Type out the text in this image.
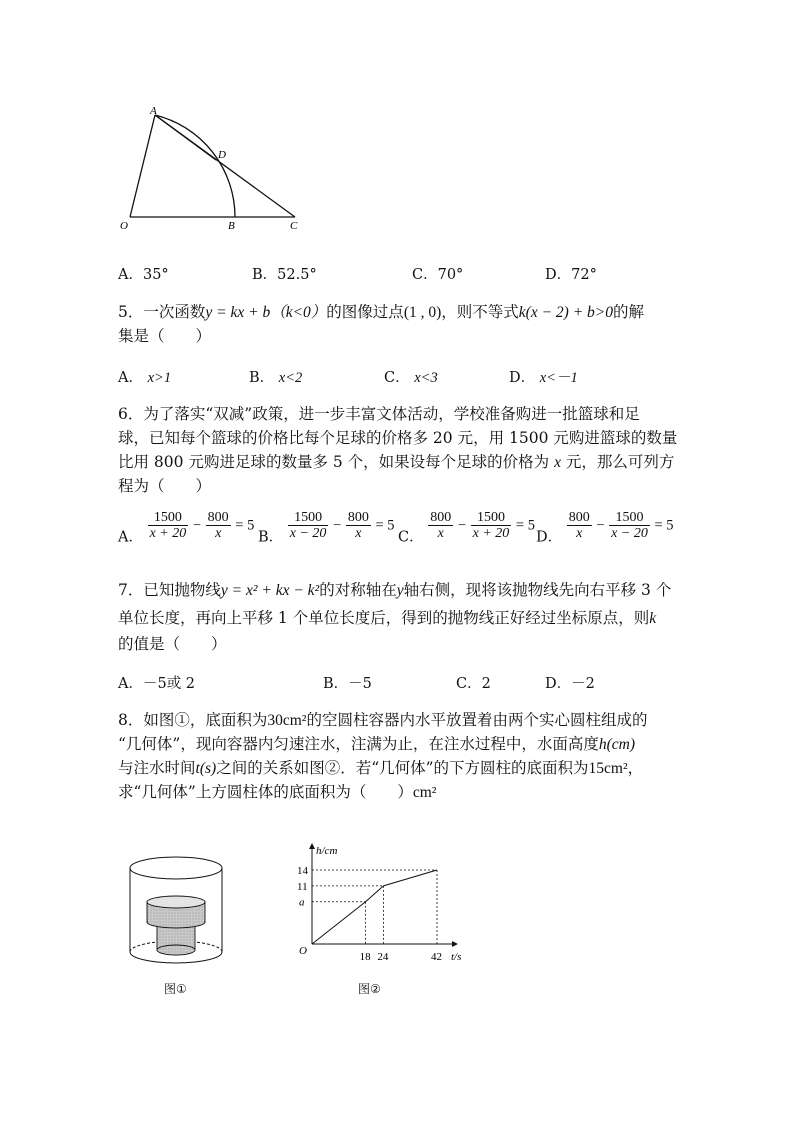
A
D
O	B	C
A．35°	B．52.5°	C．70°	D．72°
5．一次函数y = kx + b（k<0）的图像过点(1 , 0)，则不等式k(x − 2) + b>0的解
集是（　　）
A． x>1	B． x<2	C． x<3	D． x<－1
6．为了落实“双减”政策，进一步丰富文体活动，学校准备购进一批篮球和足
球，已知每个篮球的价格比每个足球的价格多 20 元，用 1500 元购进篮球的数量
比用 800 元购进足球的数量多 5 个，如果设每个足球的价格为 x 元，那么可列方
程为（　　）
A． $\frac{1500}{x + 20} - \frac{800}{x} = 5$
B． $\frac{1500}{x - 20} - \frac{800}{x} = 5$
C． $\frac{800}{x} - \frac{1500}{x + 20} = 5$
D． $\frac{800}{x} - \frac{1500}{x - 20} = 5$
7．已知抛物线y = x² + kx − k²的对称轴在y轴右侧，现将该抛物线先向右平移 3 个
单位长度，再向上平移 1 个单位长度后，得到的抛物线正好经过坐标原点，则k
的值是（　　）
A．－5或 2	B．－5	C．2	D．－2
8．如图①，底面积为30cm²的空圆柱容器内水平放置着由两个实心圆柱组成的
“几何体”，现向容器内匀速注水，注满为止，在注水过程中，水面高度h(cm)
与注水时间t(s)之间的关系如图②．若“几何体”的下方圆柱的底面积为15cm²，
求“几何体”上方圆柱体的底面积为（　　）cm²
图①
18 24	42
a
11
14
h/cm
t/s
O
图②
